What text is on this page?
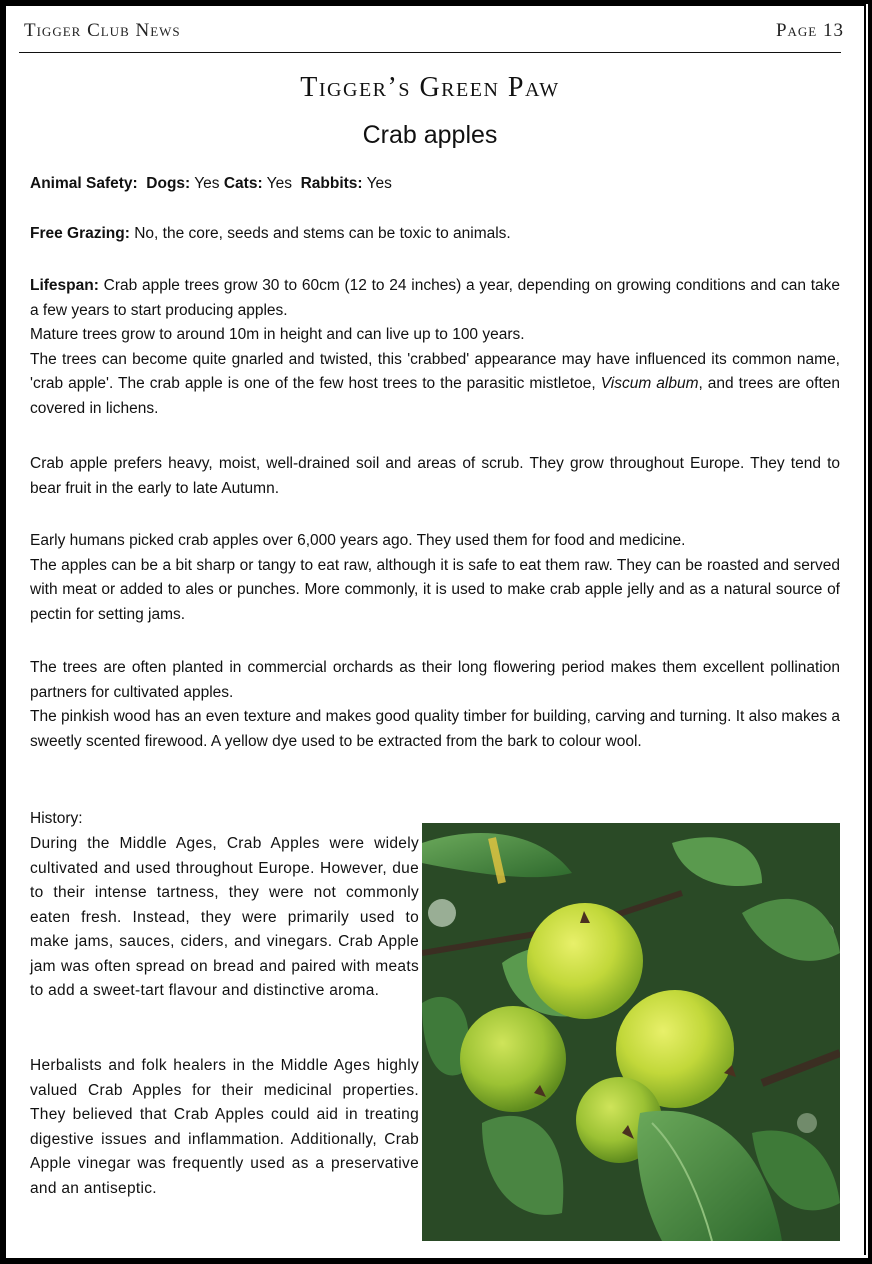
Tigger Club News	Page 13
Tigger’s Green Paw
Crab apples
Animal Safety: Dogs: Yes Cats: Yes Rabbits: Yes
Free Grazing: No, the core, seeds and stems can be toxic to animals.
Lifespan: Crab apple trees grow 30 to 60cm (12 to 24 inches) a year, depending on growing conditions and can take a few years to start producing apples.
Mature trees grow to around 10m in height and can live up to 100 years.
The trees can become quite gnarled and twisted, this 'crabbed' appearance may have influenced its common name, 'crab apple'. The crab apple is one of the few host trees to the parasitic mistletoe, Viscum album, and trees are often covered in lichens.
Crab apple prefers heavy, moist, well-drained soil and areas of scrub. They grow throughout Europe. They tend to bear fruit in the early to late Autumn.
Early humans picked crab apples over 6,000 years ago. They used them for food and medicine.
The apples can be a bit sharp or tangy to eat raw, although it is safe to eat them raw. They can be roasted and served with meat or added to ales or punches. More commonly, it is used to make crab apple jelly and as a natural source of pectin for setting jams.
The trees are often planted in commercial orchards as their long flowering period makes them excellent pollination partners for cultivated apples.
The pinkish wood has an even texture and makes good quality timber for building, carving and turning. It also makes a sweetly scented firewood. A yellow dye used to be extracted from the bark to colour wool.
History:
During the Middle Ages, Crab Apples were widely cultivated and used throughout Europe. However, due to their intense tartness, they were not commonly eaten fresh. Instead, they were primarily used to make jams, sauces, ciders, and vinegars. Crab Apple jam was often spread on bread and paired with meats to add a sweet-tart flavour and distinctive aroma.
Herbalists and folk healers in the Middle Ages highly valued Crab Apples for their medicinal properties. They believed that Crab Apples could aid in treating digestive issues and inflammation. Additionally, Crab Apple vinegar was frequently used as a preservative and an antiseptic.
